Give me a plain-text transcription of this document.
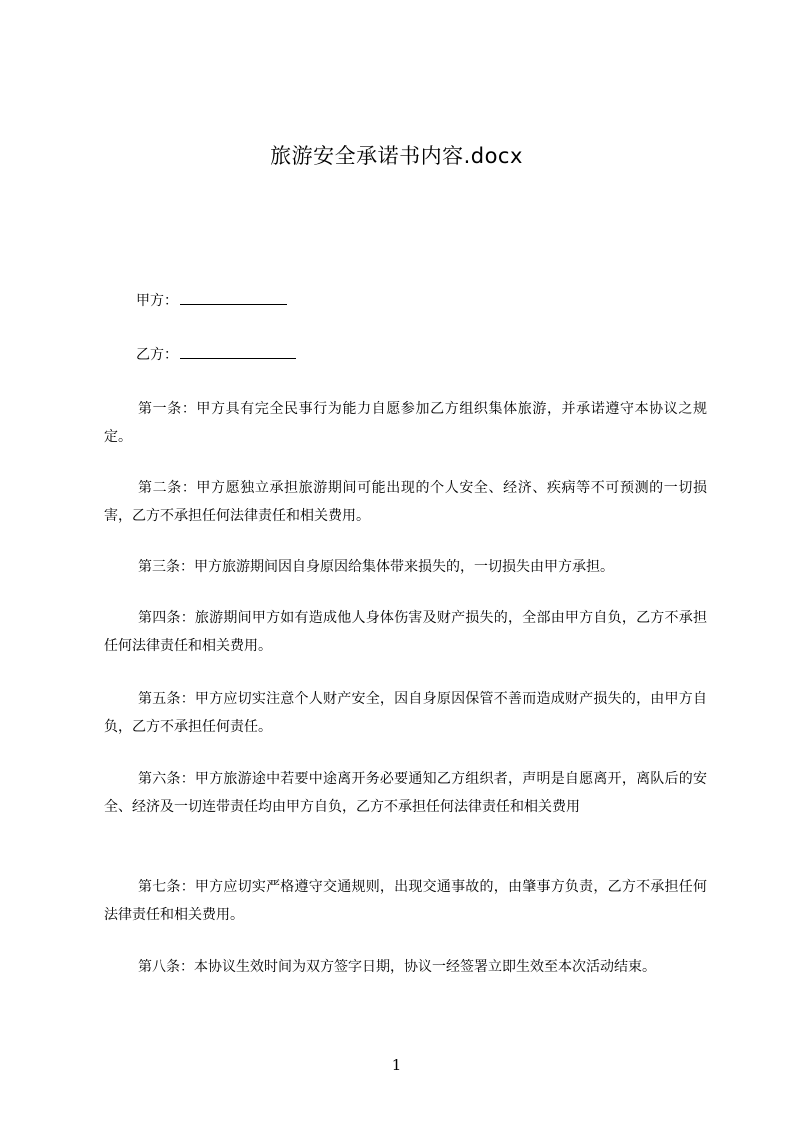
旅游安全承诺书内容.docx
甲方：
乙方：

第一条：甲方具有完全民事行为能力自愿参加乙方组织集体旅游，并承诺遵守本协议之规定。

第二条：甲方愿独立承担旅游期间可能出现的个人安全、经济、疾病等不可预测的一切损害，乙方不承担任何法律责任和相关费用。

第三条：甲方旅游期间因自身原因给集体带来损失的，一切损失由甲方承担。

第四条：旅游期间甲方如有造成他人身体伤害及财产损失的，全部由甲方自负，乙方不承担任何法律责任和相关费用。

第五条：甲方应切实注意个人财产安全，因自身原因保管不善而造成财产损失的，由甲方自负，乙方不承担任何责任。

第六条：甲方旅游途中若要中途离开务必要通知乙方组织者，声明是自愿离开，离队后的安全、经济及一切连带责任均由甲方自负，乙方不承担任何法律责任和相关费用

第七条：甲方应切实严格遵守交通规则，出现交通事故的，由肇事方负责，乙方不承担任何法律责任和相关费用。

第八条：本协议生效时间为双方签字日期，协议一经签署立即生效至本次活动结束。

1
